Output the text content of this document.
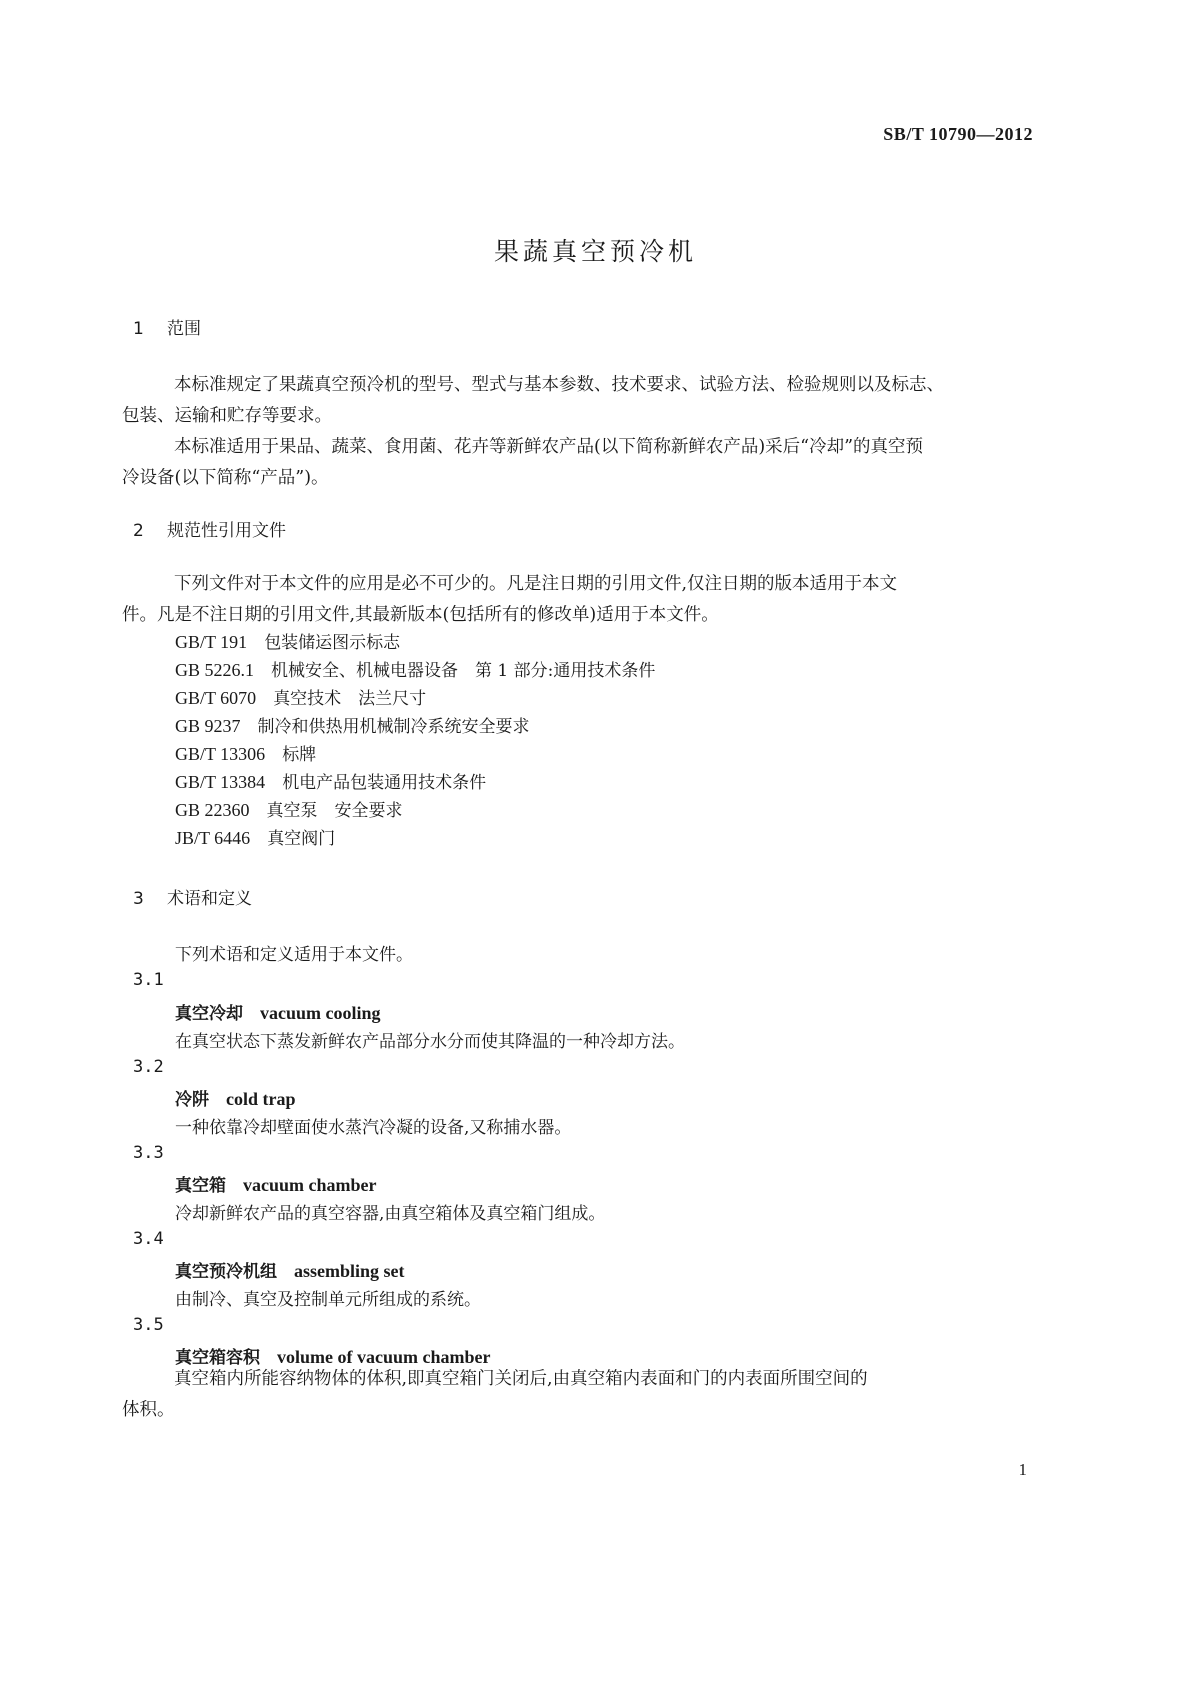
SB/T 10790—2012
果蔬真空预冷机
1 范围
本标准规定了果蔬真空预冷机的型号、型式与基本参数、技术要求、试验方法、检验规则以及标志、
包装、运输和贮存等要求。
本标准适用于果品、蔬菜、食用菌、花卉等新鲜农产品(以下简称新鲜农产品)采后“冷却”的真空预
冷设备(以下简称“产品”)。
2 规范性引用文件
下列文件对于本文件的应用是必不可少的。凡是注日期的引用文件,仅注日期的版本适用于本文
件。凡是不注日期的引用文件,其最新版本(包括所有的修改单)适用于本文件。
GB/T 191　 包装储运图示标志
GB 5226.1　 机械安全、机械电器设备　第 1 部分:通用技术条件
GB/T 6070　 真空技术　法兰尺寸
GB 9237　 制冷和供热用机械制冷系统安全要求
GB/T 13306　 标牌
GB/T 13384　 机电产品包装通用技术条件
GB 22360　 真空泵　安全要求
JB/T 6446　 真空阀门
3 术语和定义
下列术语和定义适用于本文件。
3.1
真空冷却　 vacuum cooling
在真空状态下蒸发新鲜农产品部分水分而使其降温的一种冷却方法。
3.2
冷阱　 cold trap
一种依靠冷却壁面使水蒸汽冷凝的设备,又称捕水器。
3.3
真空箱　 vacuum chamber
冷却新鲜农产品的真空容器,由真空箱体及真空箱门组成。
3.4
真空预冷机组　 assembling set
由制冷、真空及控制单元所组成的系统。
3.5
真空箱容积　 volume of vacuum chamber
真空箱内所能容纳物体的体积,即真空箱门关闭后,由真空箱内表面和门的内表面所围空间的
体积。
1
